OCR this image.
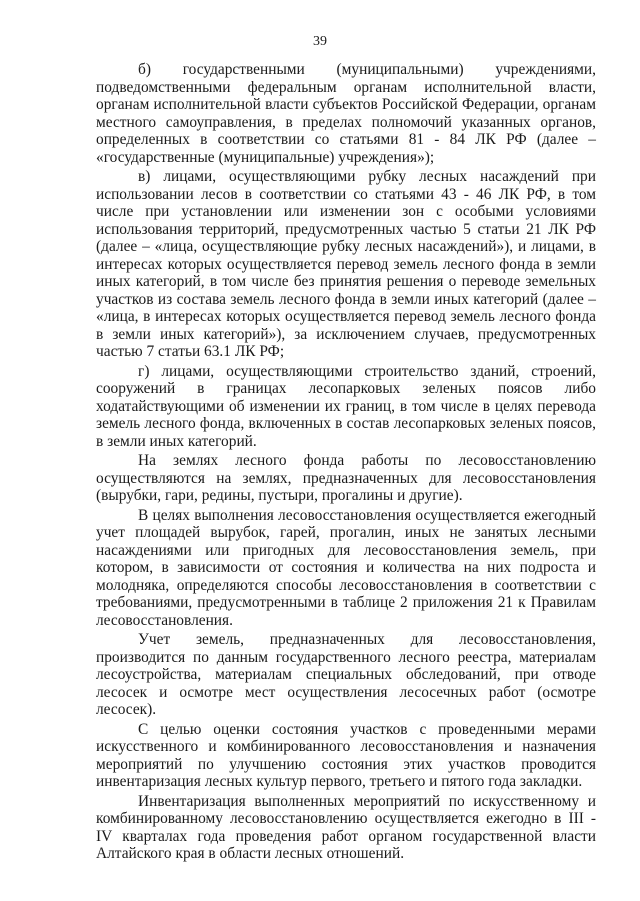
39

б) государственными (муниципальными) учреждениями, подведомственными федеральным органам исполнительной власти, органам исполнительной власти субъектов Российской Федерации, органам местного самоуправления, в пределах полномочий указанных органов, определенных в соответствии со статьями 81 - 84 ЛК РФ (далее – «государственные (муниципальные) учреждения»);

в) лицами, осуществляющими рубку лесных насаждений при использовании лесов в соответствии со статьями 43 - 46 ЛК РФ, в том числе при установлении или изменении зон с особыми условиями использования территорий, предусмотренных частью 5 статьи 21 ЛК РФ (далее – «лица, осуществляющие рубку лесных насаждений»), и лицами, в интересах которых осуществляется перевод земель лесного фонда в земли иных категорий, в том числе без принятия решения о переводе земельных участков из состава земель лесного фонда в земли иных категорий (далее – «лица, в интересах которых осуществляется перевод земель лесного фонда в земли иных категорий»), за исключением случаев, предусмотренных частью 7 статьи 63.1 ЛК РФ;

г) лицами, осуществляющими строительство зданий, строений, сооружений в границах лесопарковых зеленых поясов либо ходатайствующими об изменении их границ, в том числе в целях перевода земель лесного фонда, включенных в состав лесопарковых зеленых поясов, в земли иных категорий.

На землях лесного фонда работы по лесовосстановлению осуществляются на землях, предназначенных для лесовосстановления (вырубки, гари, редины, пустыри, прогалины и другие).

В целях выполнения лесовосстановления осуществляется ежегодный учет площадей вырубок, гарей, прогалин, иных не занятых лесными насаждениями или пригодных для лесовосстановления земель, при котором, в зависимости от состояния и количества на них подроста и молодняка, определяются способы лесовосстановления в соответствии с требованиями, предусмотренными в таблице 2 приложения 21 к Правилам лесовосстановления.

Учет земель, предназначенных для лесовосстановления, производится по данным государственного лесного реестра, материалам лесоустройства, материалам специальных обследований, при отводе лесосек и осмотре мест осуществления лесосечных работ (осмотре лесосек).

С целью оценки состояния участков с проведенными мерами искусственного и комбинированного лесовосстановления и назначения мероприятий по улучшению состояния этих участков проводится инвентаризация лесных культур первого, третьего и пятого года закладки.

Инвентаризация выполненных мероприятий по искусственному и комбинированному лесовосстановлению осуществляется ежегодно в III - IV кварталах года проведения работ органом государственной власти Алтайского края в области лесных отношений.
